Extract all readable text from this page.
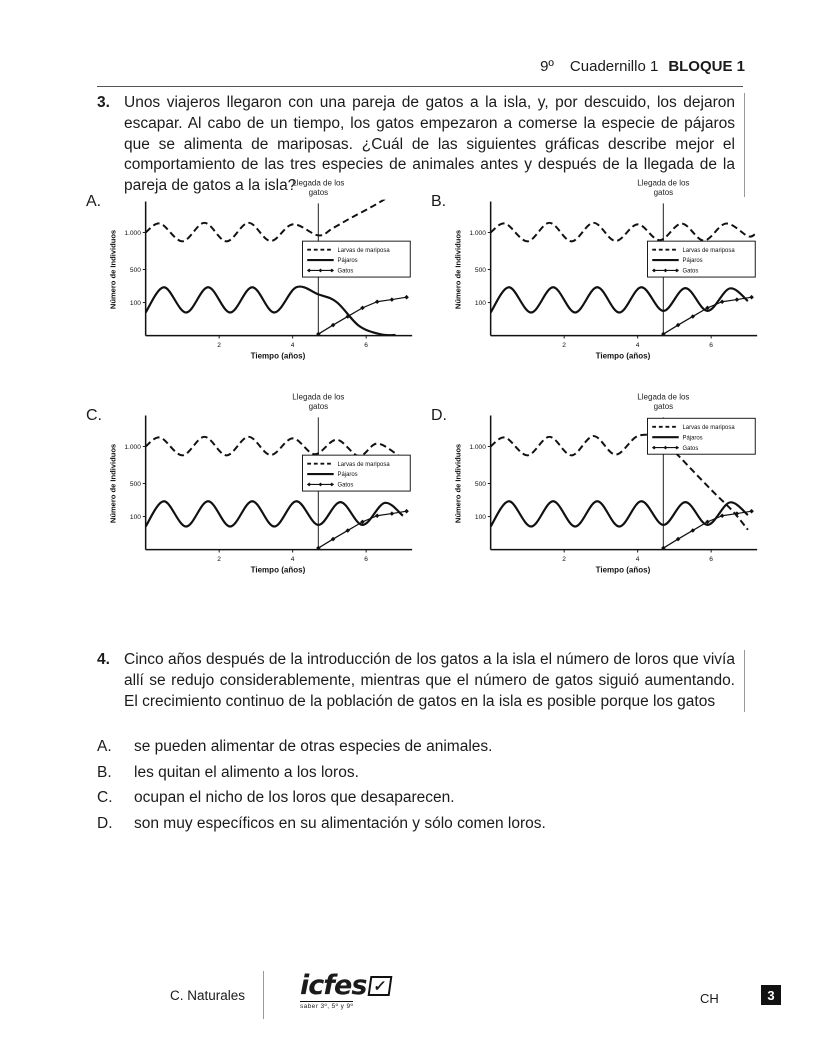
9º Cuadernillo 1 BLOQUE 1
3. Unos viajeros llegaron con una pareja de gatos a la isla, y, por descuido, los dejaron escapar. Al cabo de un tiempo, los gatos empezaron a comerse la especie de pájaros que se alimenta de mariposas. ¿Cuál de las siguientes gráficas describe mejor el comportamiento de las tres especies de animales antes y después de la llegada de la pareja de gatos a la isla?
A.
Llegada de los
gatos
100
500
1.000
2	4	6
Tiempo (años)
Número de Individuos	Larvas de mariposa
Pájaros
Gatos
B.
Llegada de los
gatos
100
500
1.000
2	4	6
Tiempo (años)
Número de Individuos	Larvas de mariposa
Pájaros
Gatos
C.
Llegada de los
gatos
100
500
1.000
2	4	6
Tiempo (años)
Número de Individuos	Larvas de mariposa
Pájaros
Gatos
D.
Llegada de los
gatos
100
500
1.000
2	4	6
Tiempo (años)
Número de Individuos
Larvas de mariposa
Pájaros
Gatos
4. Cinco años después de la introducción de los gatos a la isla el número de loros que vivía allí se redujo considerablemente, mientras que el número de gatos siguió aumentando. El crecimiento continuo de la población de gatos en la isla es posible porque los gatos
A.	se pueden alimentar de otras especies de animales.
B.	les quitan el alimento a los loros.
C.	ocupan el nicho de los loros que desaparecen.
D.	son muy específicos en su alimentación y sólo comen loros.
C. Naturales icfes ✓
saber 3º, 5º y 9º
CH	3
